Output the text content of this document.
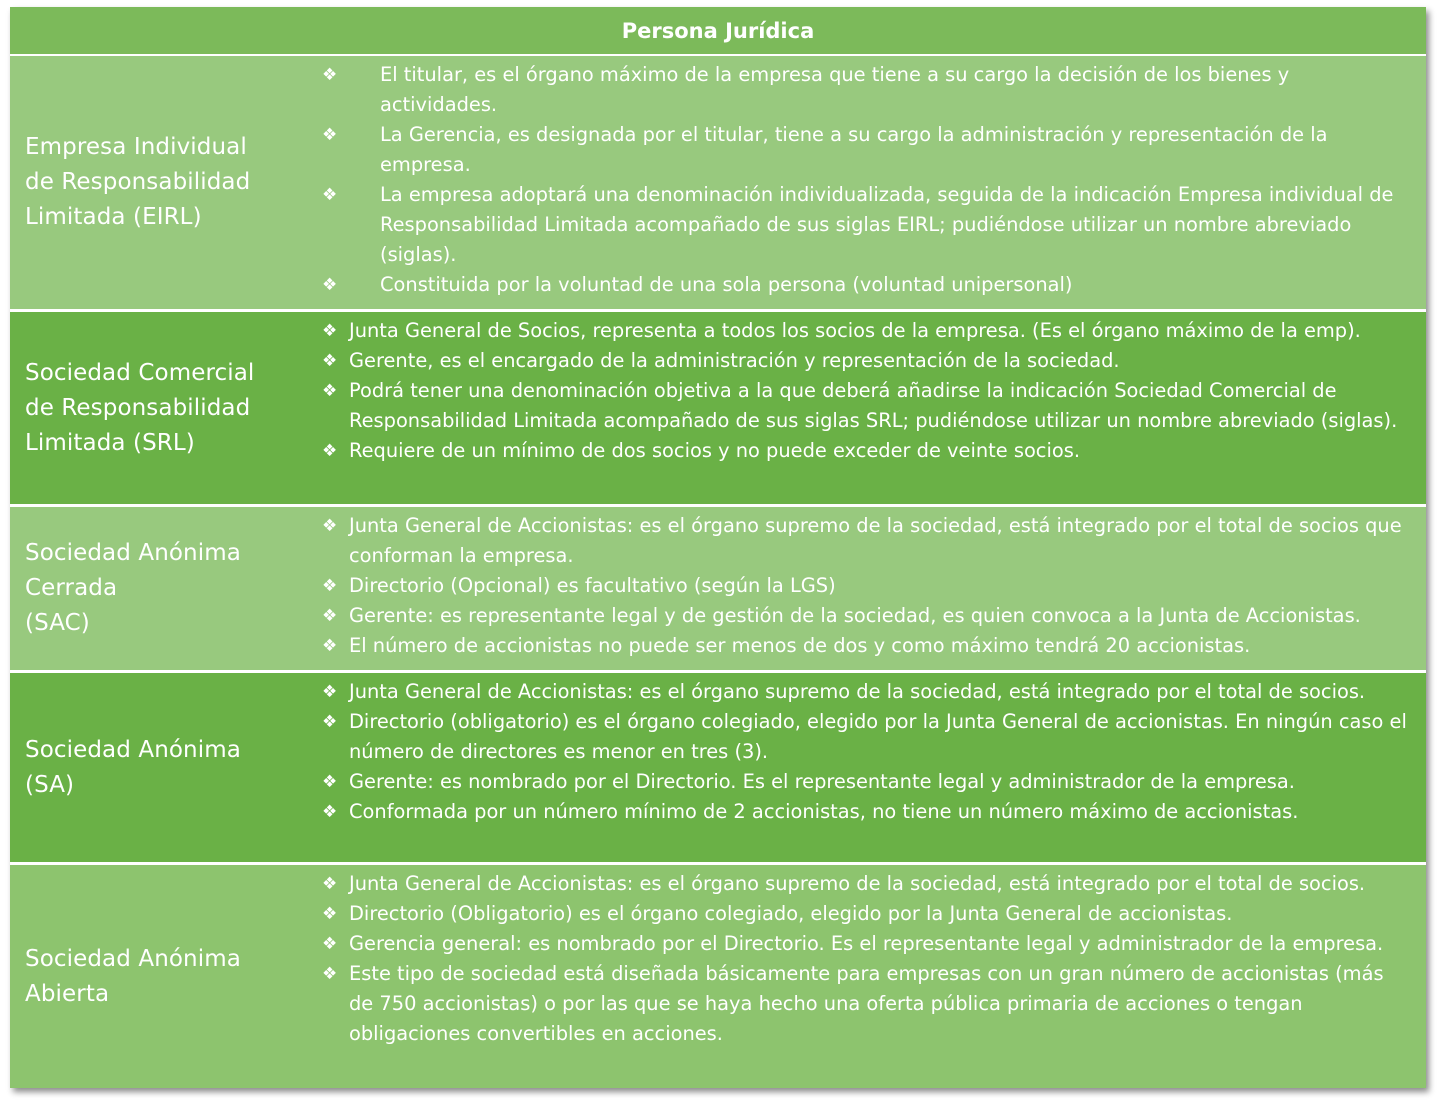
Persona Jurídica
Empresa Individual
de Responsabilidad
Limitada (EIRL)
❖ El titular, es el órgano máximo de la empresa que tiene a su cargo la decisión de los bienes y actividades.
❖ La Gerencia, es designada por el titular, tiene a su cargo la administración y representación de la empresa.
❖ La empresa adoptará una denominación individualizada, seguida de la indicación Empresa individual de Responsabilidad Limitada acompañado de sus siglas EIRL; pudiéndose utilizar un nombre abreviado (siglas).
❖ Constituida por la voluntad de una sola persona (voluntad unipersonal)
Sociedad Comercial
de Responsabilidad
Limitada (SRL)
❖ Junta General de Socios, representa a todos los socios de la empresa. (Es el órgano máximo de la emp).
❖ Gerente, es el encargado de la administración y representación de la sociedad.
❖ Podrá tener una denominación objetiva a la que deberá añadirse la indicación Sociedad Comercial de Responsabilidad Limitada acompañado de sus siglas SRL; pudiéndose utilizar un nombre abreviado (siglas).
❖ Requiere de un mínimo de dos socios y no puede exceder de veinte socios.
Sociedad Anónima
Cerrada
(SAC)
❖ Junta General de Accionistas: es el órgano supremo de la sociedad, está integrado por el total de socios que conforman la empresa.
❖ Directorio (Opcional) es facultativo (según la LGS)
❖ Gerente: es representante legal y de gestión de la sociedad, es quien convoca a la Junta de Accionistas.
❖ El número de accionistas no puede ser menos de dos y como máximo tendrá 20 accionistas.
Sociedad Anónima
(SA)
❖ Junta General de Accionistas: es el órgano supremo de la sociedad, está integrado por el total de socios.
❖ Directorio (obligatorio) es el órgano colegiado, elegido por la Junta General de accionistas. En ningún caso el número de directores es menor en tres (3).
❖ Gerente: es nombrado por el Directorio. Es el representante legal y administrador de la empresa.
❖ Conformada por un número mínimo de 2 accionistas, no tiene un número máximo de accionistas.
Sociedad Anónima
Abierta
❖ Junta General de Accionistas: es el órgano supremo de la sociedad, está integrado por el total de socios.
❖ Directorio (Obligatorio) es el órgano colegiado, elegido por la Junta General de accionistas.
❖ Gerencia general: es nombrado por el Directorio. Es el representante legal y administrador de la empresa.
❖ Este tipo de sociedad está diseñada básicamente para empresas con un gran número de accionistas (más de 750 accionistas) o por las que se haya hecho una oferta pública primaria de acciones o tengan obligaciones convertibles en acciones.
